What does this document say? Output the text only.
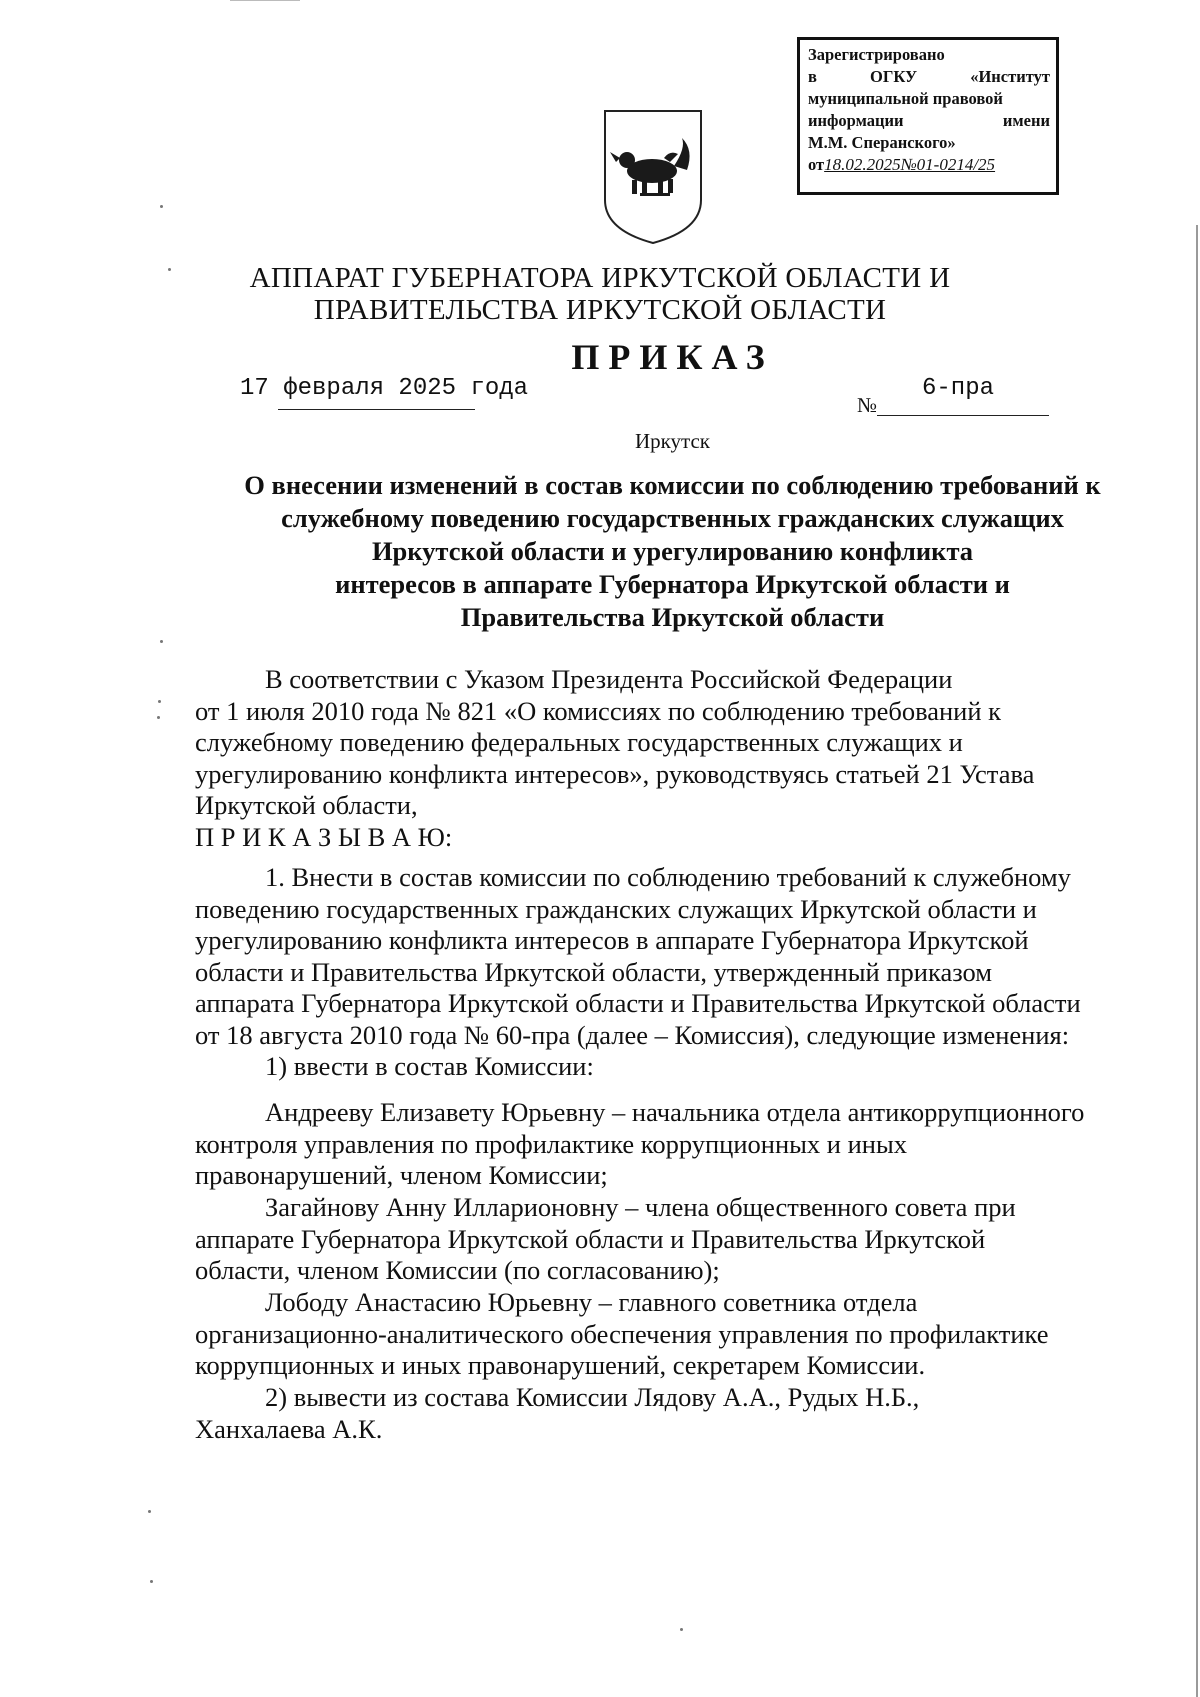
Зарегистрировано
в	ОГКУ	«Институт
муниципальной правовой
информации	имени
М.М. Сперанского»
от18.02.2025№01-0214/25
АППАРАТ ГУБЕРНАТОРА ИРКУТСКОЙ ОБЛАСТИ И
ПРАВИТЕЛЬСТВА ИРКУТСКОЙ ОБЛАСТИ
ПРИКАЗ
17 февраля 2025 года
№
6-пра
Иркутск
О внесении изменений в состав комиссии по соблюдению требований к
служебному поведению государственных гражданских служащих
Иркутской области и урегулированию конфликта
интересов в аппарате Губернатора Иркутской области и
Правительства Иркутской области
В соответствии с Указом Президента Российской Федерации
от 1 июля 2010 года № 821 «О комиссиях по соблюдению требований к
служебному поведению федеральных государственных служащих и
урегулированию конфликта интересов», руководствуясь статьей 21 Устава
Иркутской области,
П Р И К А З Ы В А Ю:
1. Внести в состав комиссии по соблюдению требований к служебному
поведению государственных гражданских служащих Иркутской области и
урегулированию конфликта интересов в аппарате Губернатора Иркутской
области и Правительства Иркутской области, утвержденный приказом
аппарата Губернатора Иркутской области и Правительства Иркутской области
от 18 августа 2010 года № 60-пра (далее – Комиссия), следующие изменения:
1) ввести в состав Комиссии:
Андрееву Елизавету Юрьевну – начальника отдела антикоррупционного
контроля управления по профилактике коррупционных и иных
правонарушений, членом Комиссии;
Загайнову Анну Илларионовну – члена общественного совета при
аппарате Губернатора Иркутской области и Правительства Иркутской
области, членом Комиссии (по согласованию);
Лободу Анастасию Юрьевну – главного советника отдела
организационно-аналитического обеспечения управления по профилактике
коррупционных и иных правонарушений, секретарем Комиссии.
2) вывести из состава Комиссии Лядову А.А., Рудых Н.Б.,
Ханхалаева А.К.
